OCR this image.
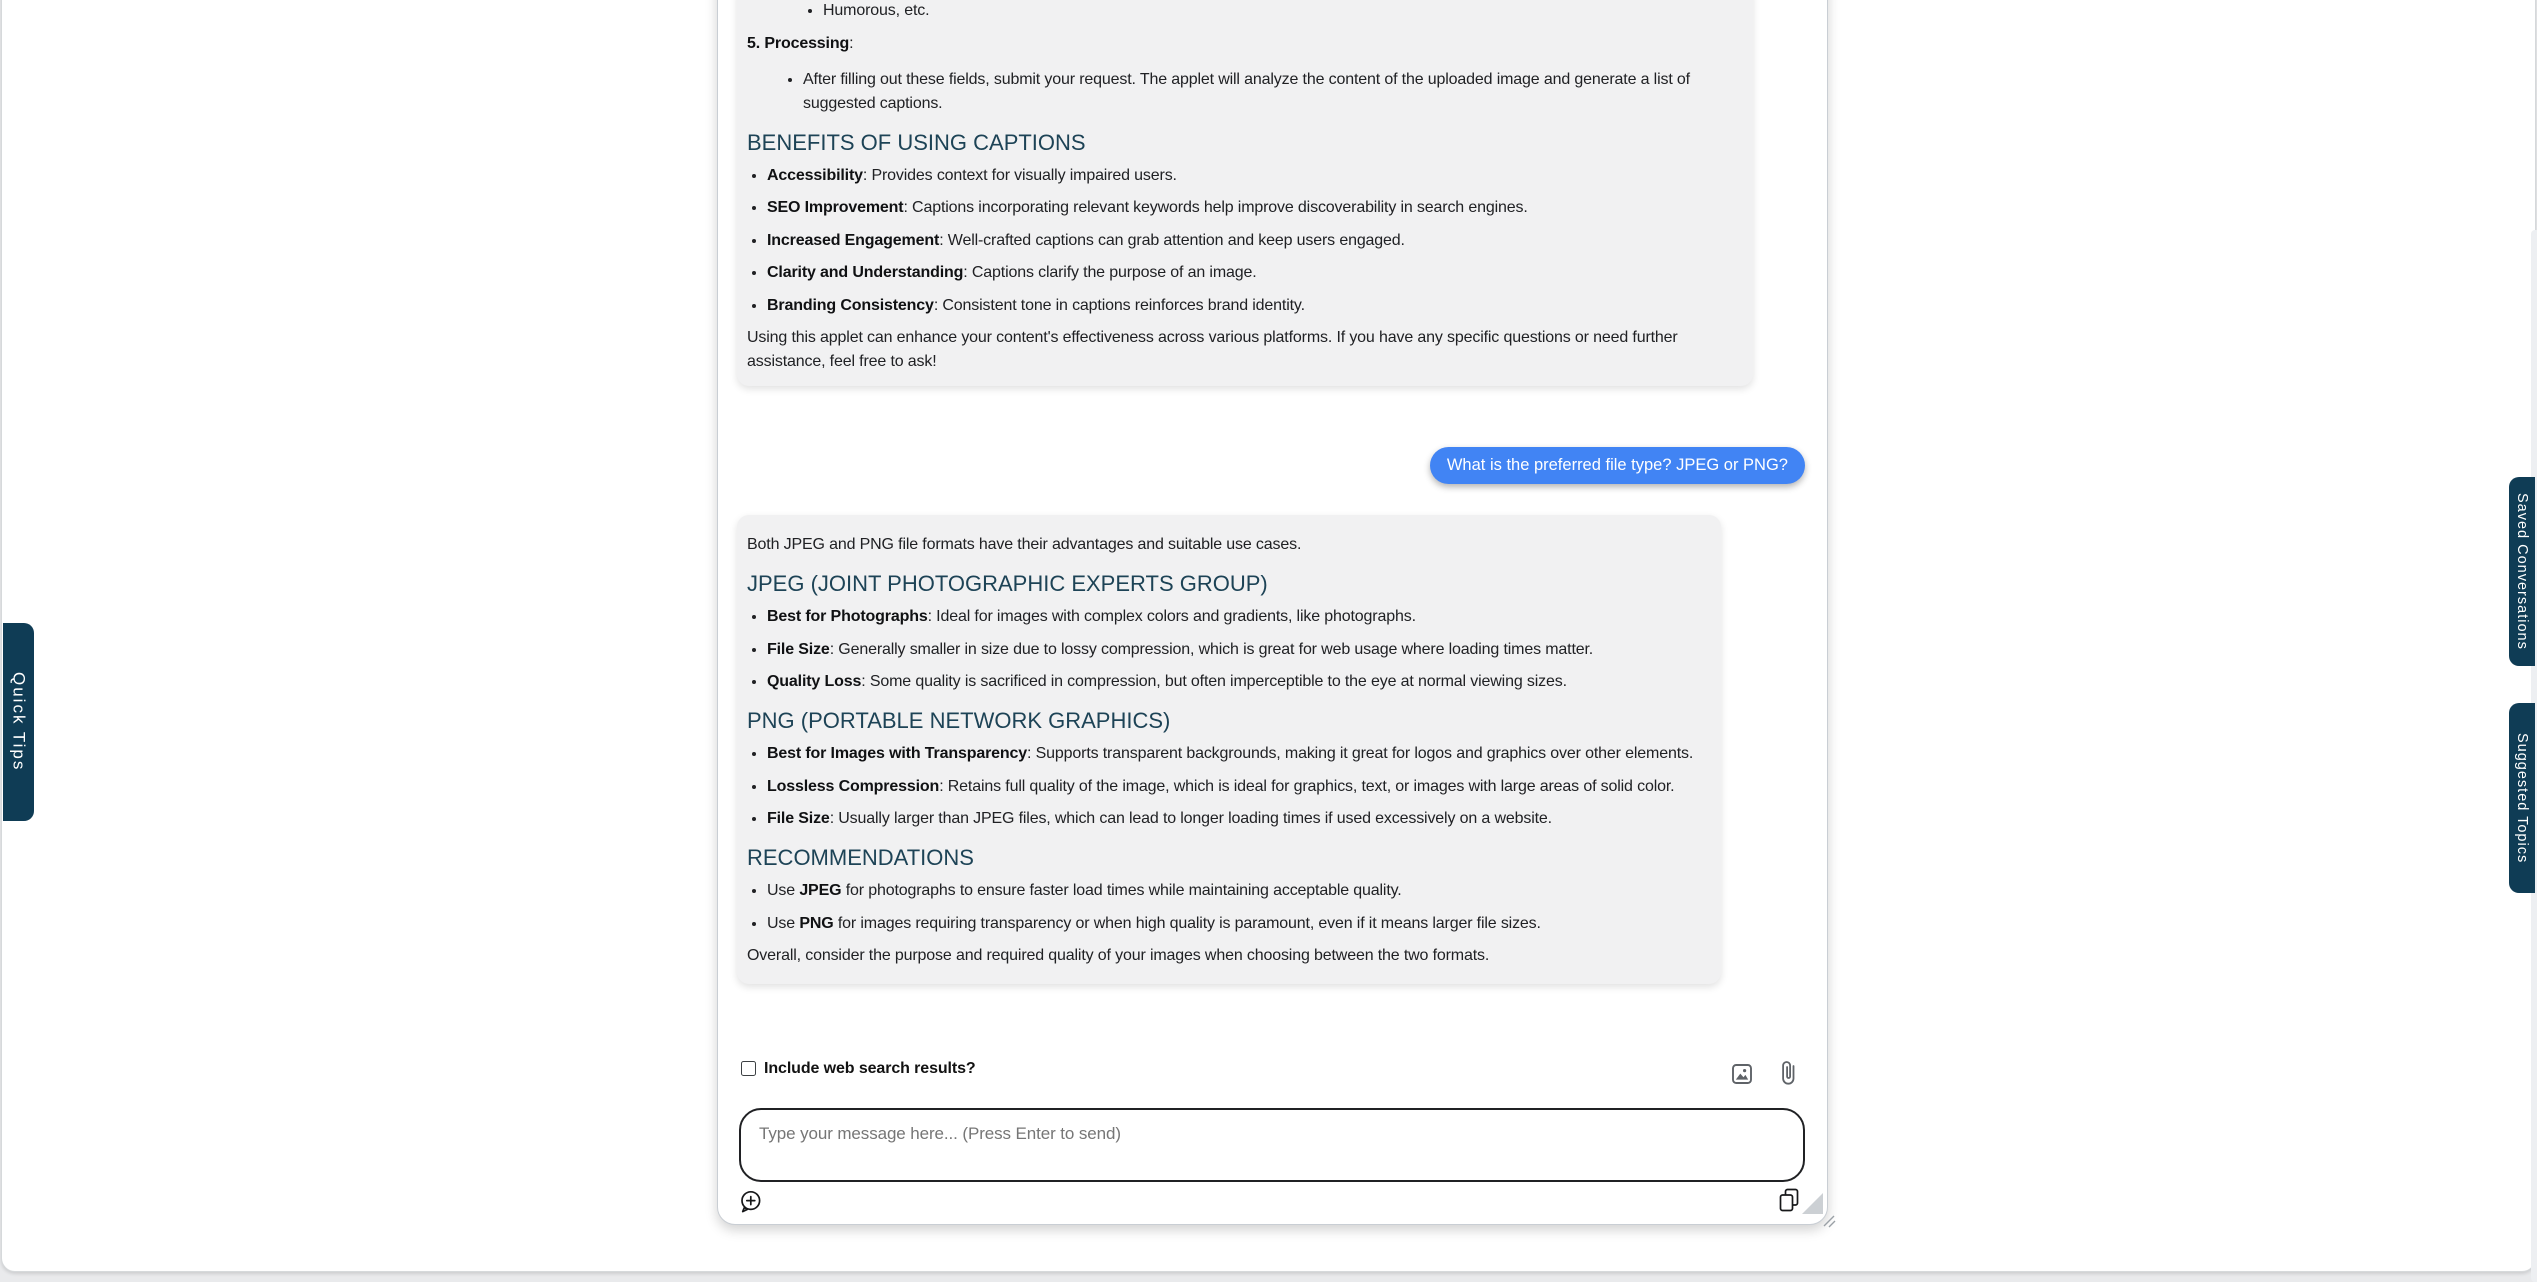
Quick Tips
Saved Conversations
Suggested Topics
• Humorous, etc.
5. Processing:
• After filling out these fields, submit your request. The applet will analyze the content of the uploaded image and generate a list of suggested captions.
BENEFITS OF USING CAPTIONS
• Accessibility: Provides context for visually impaired users.
• SEO Improvement: Captions incorporating relevant keywords help improve discoverability in search engines.
• Increased Engagement: Well-crafted captions can grab attention and keep users engaged.
• Clarity and Understanding: Captions clarify the purpose of an image.
• Branding Consistency: Consistent tone in captions reinforces brand identity.

Using this applet can enhance your content's effectiveness across various platforms. If you have any specific questions or need further assistance, feel free to ask!

What is the preferred file type? JPEG or PNG?

Both JPEG and PNG file formats have their advantages and suitable use cases.

JPEG (JOINT PHOTOGRAPHIC EXPERTS GROUP)
• Best for Photographs: Ideal for images with complex colors and gradients, like photographs.
• File Size: Generally smaller in size due to lossy compression, which is great for web usage where loading times matter.
• Quality Loss: Some quality is sacrificed in compression, but often imperceptible to the eye at normal viewing sizes.
PNG (PORTABLE NETWORK GRAPHICS)
• Best for Images with Transparency: Supports transparent backgrounds, making it great for logos and graphics over other elements.
• Lossless Compression: Retains full quality of the image, which is ideal for graphics, text, or images with large areas of solid color.
• File Size: Usually larger than JPEG files, which can lead to longer loading times if used excessively on a website.
RECOMMENDATIONS
• Use JPEG for photographs to ensure faster load times while maintaining acceptable quality.
• Use PNG for images requiring transparency or when high quality is paramount, even if it means larger file sizes.

Overall, consider the purpose and required quality of your images when choosing between the two formats.

Include web search results?
Type your message here... (Press Enter to send)
